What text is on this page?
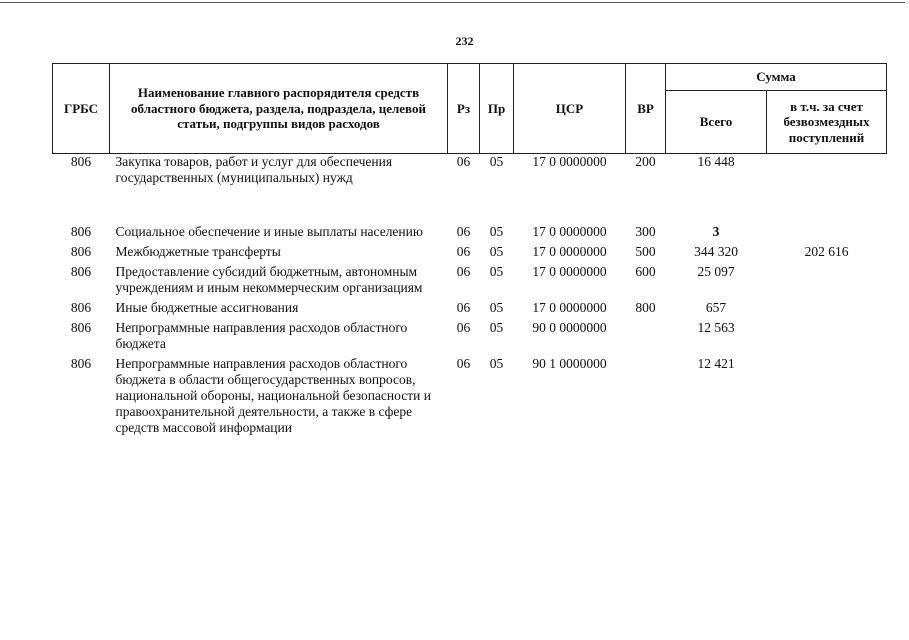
232
ГРБС	Наименование главного распорядителя средств областного бюджета, раздела, подраздела, целевой статьи, подгруппы видов расходов	Рз	Пр	ЦСР	ВР	Сумма	
						Всего	в т.ч. за счет безвозмездных поступлений
806	Закупка товаров, работ и услуг для обеспечения государственных (муниципальных) нужд	06	05	17 0 0000000	200	16 448	
806	Социальное обеспечение и иные выплаты населению	06	05	17 0 0000000	300	3	
806	Межбюджетные трансферты	06	05	17 0 0000000	500	344 320	202 616
806	Предоставление субсидий бюджетным, автономным учреждениям и иным некоммерческим организациям	06	05	17 0 0000000	600	25 097	
806	Иные бюджетные ассигнования	06	05	17 0 0000000	800	657	
806	Непрограммные направления расходов областного бюджета	06	05	90 0 0000000		12 563	
806	Непрограммные направления расходов областного бюджета в области общегосударственных вопросов, национальной обороны, национальной безопасности и правоохранительной деятельности, а также в сфере средств массовой информации	06	05	90 1 0000000		12 421	
